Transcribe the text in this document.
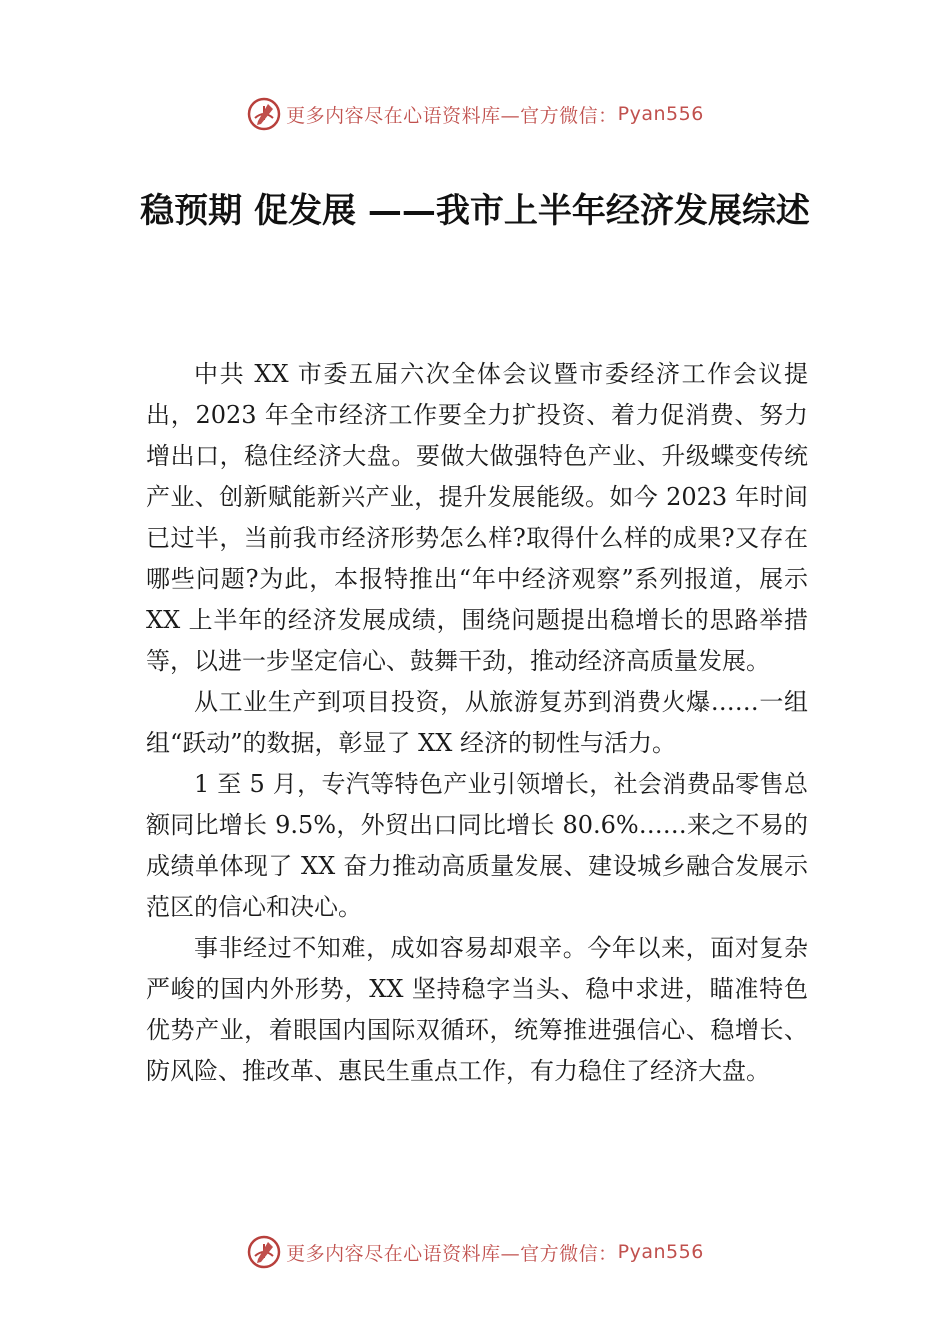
更多内容尽在心语资料库—官方微信： Pyan556
稳预期 促发展 ——我市上半年经济发展综述

中共 XX 市委五届六次全体会议暨市委经济工作会议提出，2023 年全市经济工作要全力扩投资、着力促消费、努力增出口，稳住经济大盘。要做大做强特色产业、升级蝶变传统产业、创新赋能新兴产业，提升发展能级。如今 2023 年时间已过半，当前我市经济形势怎么样?取得什么样的成果?又存在哪些问题?为此，本报特推出“年中经济观察”系列报道，展示 XX 上半年的经济发展成绩，围绕问题提出稳增长的思路举措等，以进一步坚定信心、鼓舞干劲，推动经济高质量发展。

从工业生产到项目投资，从旅游复苏到消费火爆……一组组“跃动”的数据，彰显了 XX 经济的韧性与活力。

1 至 5 月，专汽等特色产业引领增长，社会消费品零售总额同比增长 9.5%，外贸出口同比增长 80.6%……来之不易的成绩单体现了 XX 奋力推动高质量发展、建设城乡融合发展示范区的信心和决心。

事非经过不知难，成如容易却艰辛。今年以来，面对复杂严峻的国内外形势，XX 坚持稳字当头、稳中求进，瞄准特色优势产业，着眼国内国际双循环，统筹推进强信心、稳增长、防风险、推改革、惠民生重点工作，有力稳住了经济大盘。

更多内容尽在心语资料库—官方微信： Pyan556
